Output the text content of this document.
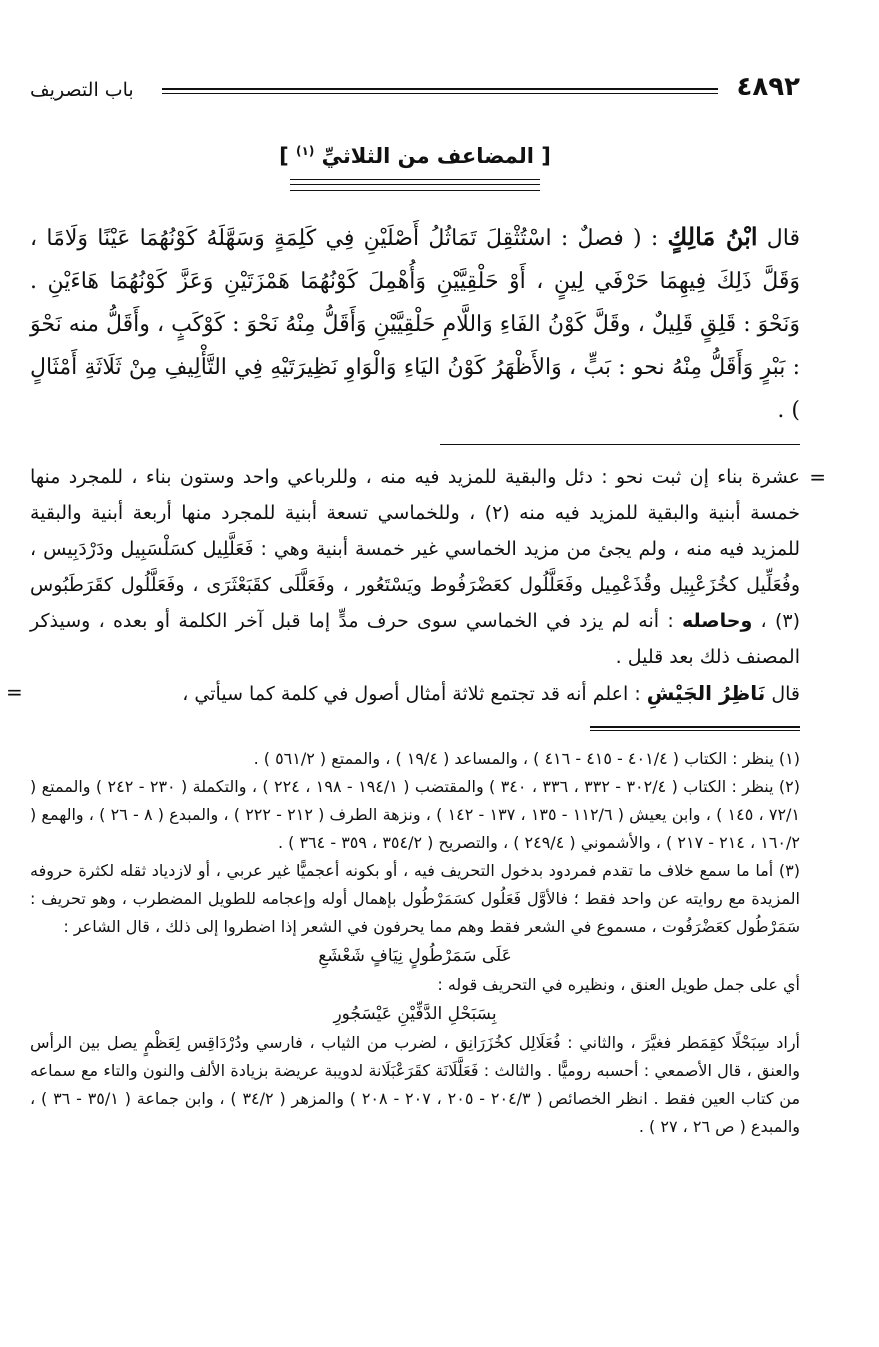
٤٨٩٢
باب التصريف
[ المضاعف من الثلاثيِّ $^{(١)}$ ]
قال ابْنُ مَالِكٍ : ( فصلٌ : اسْتُثْقِلَ تَمَاثُلُ أَصْلَيْنِ فِي كَلِمَةٍ وَسَهَّلَهُ كَوْنُهُمَا عَيْنًا وَلَامًا ، وَقَلَّ ذَلِكَ فِيهِمَا حَرْفَي لِينٍ ، أَوْ حَلْقِيَّيْنِ وَأُهْمِلَ كَوْنُهُمَا هَمْزَتَيْنِ وَعَزَّ كَوْنُهُمَا هَاءَيْنِ . وَنَحْوَ : قَلِقٍ قَلِيلٌ ، وقَلَّ كَوْنُ الفَاءِ وَاللَّامِ حَلْقِيَّيْنِ وَأَقَلُّ مِنْهُ نَحْوَ : كَوْكَبٍ ، وأَقَلُّ منه نَحْوَ : بَبْرٍ وَأَقَلُّ مِنْهُ نحو : بَبٍّ ، وَالأَظْهَرُ كَوْنُ اليَاءِ وَالْوَاوِ نَظِيرَتَيْهِ فِي التَّأْلِيفِ مِنْ ثَلَاثَةِ أَمْثَالٍ ) .
=

عشرة بناء إن ثبت نحو : دئل والبقية للمزيد فيه منه ، وللرباعي واحد وستون بناء ، للمجرد منها خمسة أبنية والبقية للمزيد فيه منه (٢) ، وللخماسي تسعة أبنية للمجرد منها أربعة أبنية والبقية للمزيد فيه منه ، ولم يجئ من مزيد الخماسي غير خمسة أبنية وهي : فَعَلَّلِيل كسَلْسَبِيل ودَرْدَبِيس ، وفُعَلِّيل كخُزَعْبِيل وقُذَعْمِيل وفَعَلَّلُول كعَضْرَفُوط ويَسْتَعُور ، وفَعَلَّلَى كقَبَعْثَرَى ، وفَعَلَّلُول كقَرَطَبُوس (٣) ، وحاصله : أنه لم يزد في الخماسي سوى حرف مدٍّ إما قبل آخر الكلمة أو بعده ، وسيذكر المصنف ذلك بعد قليل .

قال نَاظِرُ الجَيْشِ : اعلم أنه قد تجتمع ثلاثة أمثال أصول في كلمة كما سيأتي ،

=

(١) ينظر : الكتاب ( ٤٠١/٤ - ٤١٥ - ٤١٦ ) ، والمساعد ( ١٩/٤ ) ، والممتع ( ٥٦١/٢ ) .

(٢) ينظر : الكتاب ( ٣٠٢/٤ - ٣٣٢ ، ٣٣٦ ، ٣٤٠ ) والمقتضب ( ١٩٤/١ - ١٩٨ ، ٢٢٤ ) ، والتكملة ( ٢٣٠ - ٢٤٢ ) والممتع ( ٧٢/١ ، ١٤٥ ) ، وابن يعيش ( ١١٢/٦ - ١٣٥ ، ١٣٧ - ١٤٢ ) ، ونزهة الطرف ( ٢١٢ - ٢٢٢ ) ، والمبدع ( ٨ - ٢٦ ) ، والهمع ( ١٦٠/٢ ، ٢١٤ - ٢١٧ ) ، والأشموني ( ٢٤٩/٤ ) ، والتصريح ( ٣٥٤/٢ ، ٣٥٩ - ٣٦٤ ) .

(٣) أما ما سمع خلاف ما تقدم فمردود بدخول التحريف فيه ، أو بكونه أعجميًّا غير عربي ، أو لازدياد ثقله لكثرة حروفه المزيدة مع روايته عن واحد فقط ؛ فالأوَّل فَعَلُول كسَمَرْطُول بإهمال أوله وإعجامه للطويل المضطرب ، وهو تحريف : سَمَرْطُول كعَضْرَفُوت ، مسموع في الشعر فقط وهم مما يحرفون في الشعر إذا اضطروا إلى ذلك ، قال الشاعر :

عَلَى سَمَرْطُولٍ نِيَافٍ شَعْشَعِ

أي على جمل طويل العنق ، ونظيره في التحريف قوله :

بِسَبَحْلِ الدَّفِّيْنِ عَيْسَجُورِ

أراد سِبَحْلًا كقِمَطر فغيَّرَ ، والثاني : فُعَلَالِل كخُزَرَانِق ، لضرب من الثياب ، فارسي ودُرْدَاقِس لِعَظْمٍ يصل بين الرأس والعنق ، قال الأصمعي : أحسبه روميًّا . والثالث : فَعَلَّلَانَة كقَرَعْبَلَانة لدويبة عريضة بزيادة الألف والنون والتاء مع سماعه من كتاب العين فقط . انظر الخصائص ( ٢٠٤/٣ - ٢٠٥ ، ٢٠٧ - ٢٠٨ ) والمزهر ( ٣٤/٢ ) ، وابن جماعة ( ٣٥/١ - ٣٦ ) ، والمبدع ( ص ٢٦ ، ٢٧ ) .
